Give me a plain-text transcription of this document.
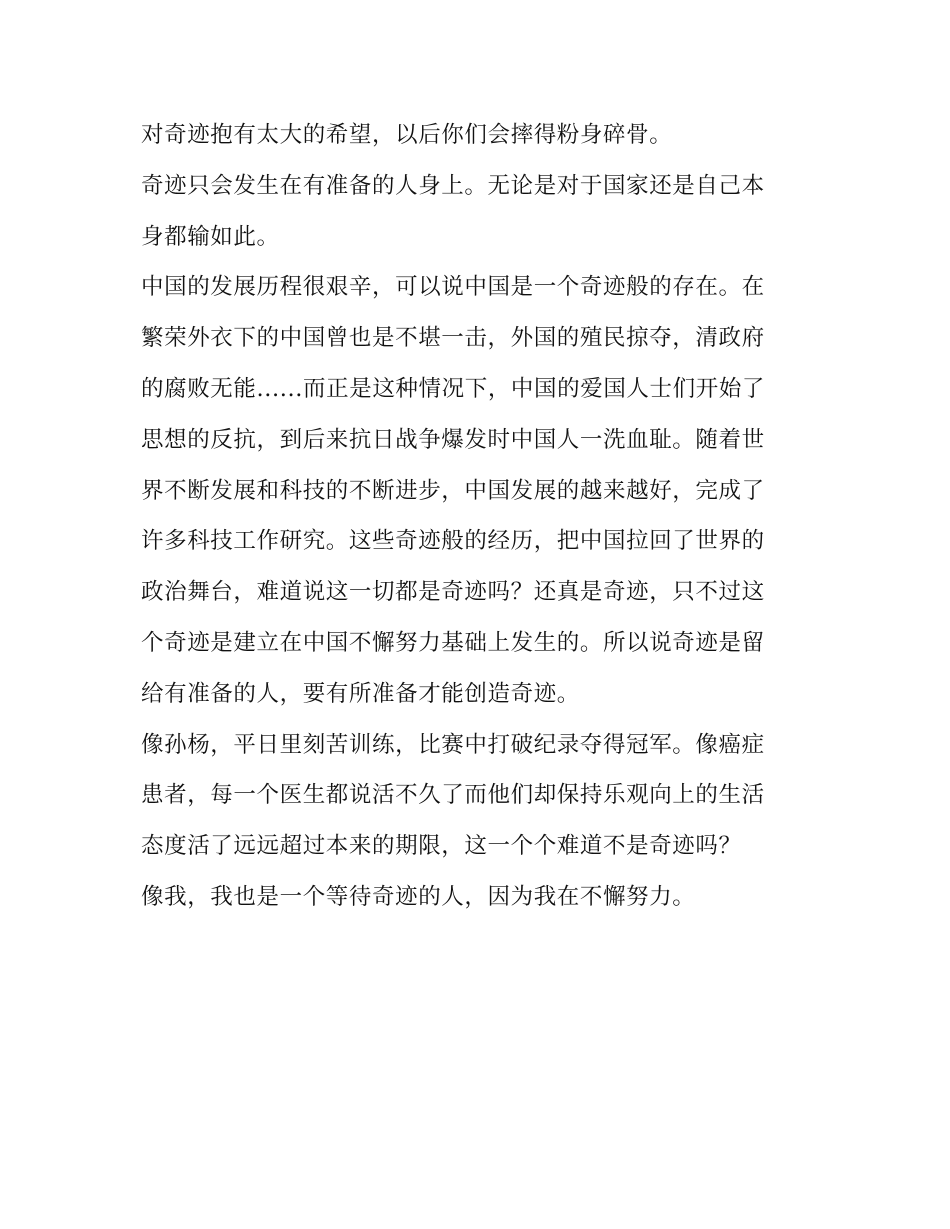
对奇迹抱有太大的希望，以后你们会摔得粉身碎骨。
奇迹只会发生在有准备的人身上。无论是对于国家还是自己本
身都输如此。
中国的发展历程很艰辛，可以说中国是一个奇迹般的存在。在
繁荣外衣下的中国曾也是不堪一击，外国的殖民掠夺，清政府
的腐败无能......而正是这种情况下，中国的爱国人士们开始了
思想的反抗，到后来抗日战争爆发时中国人一洗血耻。随着世
界不断发展和科技的不断进步，中国发展的越来越好，完成了
许多科技工作研究。这些奇迹般的经历，把中国拉回了世界的
政治舞台，难道说这一切都是奇迹吗？还真是奇迹，只不过这
个奇迹是建立在中国不懈努力基础上发生的。所以说奇迹是留
给有准备的人，要有所准备才能创造奇迹。
像孙杨，平日里刻苦训练，比赛中打破纪录夺得冠军。像癌症
患者，每一个医生都说活不久了而他们却保持乐观向上的生活
态度活了远远超过本来的期限，这一个个难道不是奇迹吗？
像我，我也是一个等待奇迹的人，因为我在不懈努力。
